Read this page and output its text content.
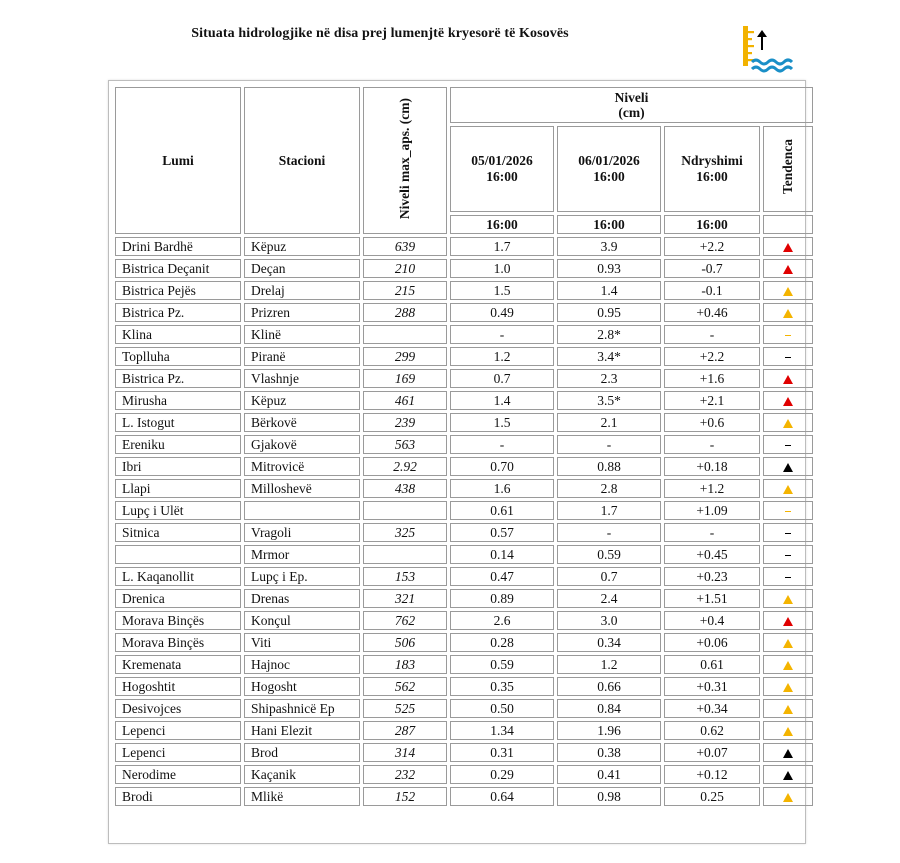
Situata hidrologjike në disa prej lumenjtë kryesorë të Kosovës
Lumi	Stacioni	Niveli max_aps. (cm)	Niveli
(cm)			

			05/01/2026 16:00	06/01/2026 16:00	Ndryshimi 16:00	Tendenca
			16:00	16:00	16:00	
Drini Bardhë	Këpuz	639	1.7	3.9	+2.2	
Bistrica Deçanit	Deçan	210	1.0	0.93	-0.7	
Bistrica Pejës	Drelaj	215	1.5	1.4	-0.1	
Bistrica Pz.	Prizren	288	0.49	0.95	+0.46	
Klina	Klinë		-	2.8*	-	
Toplluha	Piranë	299	1.2	3.4*	+2.2	
Bistrica Pz.	Vlashnje	169	0.7	2.3	+1.6	
Mirusha	Këpuz	461	1.4	3.5*	+2.1	
L. Istogut	Bërkovë	239	1.5	2.1	+0.6	
Ereniku	Gjakovë	563	-	-	-	
Ibri	Mitrovicë	2.92	0.70	0.88	+0.18	
Llapi	Milloshevë	438	1.6	2.8	+1.2	
Lupç i Ulët			0.61	1.7	+1.09	
Sitnica	Vragoli	325	0.57	-	-	
	Mrmor		0.14	0.59	+0.45	
L. Kaqanollit	Lupç i Ep.	153	0.47	0.7	+0.23	
Drenica	Drenas	321	0.89	2.4	+1.51	
Morava Binçës	Konçul	762	2.6	3.0	+0.4	
Morava Binçës	Viti	506	0.28	0.34	+0.06	
Kremenata	Hajnoc	183	0.59	1.2	0.61	
Hogoshtit	Hogosht	562	0.35	0.66	+0.31	
Desivojces	Shipashnicë Ep	525	0.50	0.84	+0.34	
Lepenci	Hani Elezit	287	1.34	1.96	0.62	
Lepenci	Brod	314	0.31	0.38	+0.07	
Nerodime	Kaçanik	232	0.29	0.41	+0.12	
Brodi	Mlikë	152	0.64	0.98	0.25	
